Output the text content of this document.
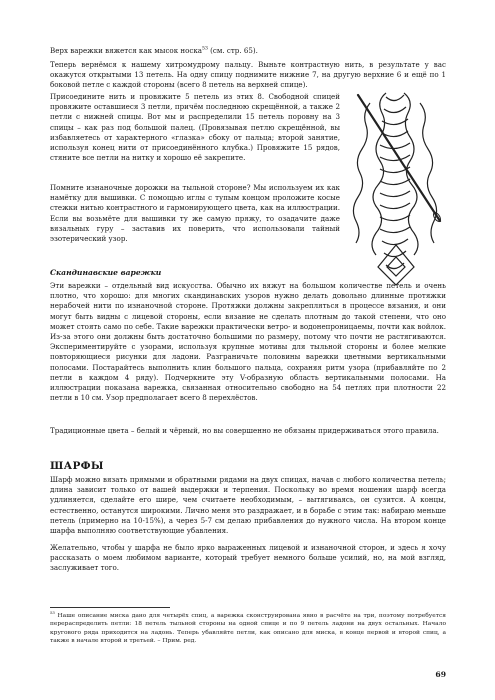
Верх варежки вяжется как мысок носка$^{53}$ (см. стр. 65).

Теперь вернёмся к нашему хитромудрому пальцу. Выньте контрастную нить, в результате у вас окажутся открытыми 13 петель. На одну спицу поднимите нижние 7, на другую верхние 6 и ещё по 1 боковой петле с каждой стороны (всего 8 петель на верхней спице).

Присоедините нить и провяжите 5 петель из этих 8. Свободной спицей провяжите оставшиеся 3 петли, причём последнюю скрещённой, а также 2 петли с нижней спицы. Вот мы и распределили 15 петель поровну на 3 спицы – как раз под большой палец. (Провязывая петлю скрещённой, вы избавляетесь от характерного «глазка» сбоку от пальца; второй занятие, используя конец нити от присоединённого клубка.) Провяжите 15 рядов, стяните все петли на нитку и хорошо её закрепите.

Помните изнаночные дорожки на тыльной стороне? Мы используем их как намётку для вышивки. С помощью иглы с тупым концом проложите косые стежки нитью контрастного и гармонирующего цвета, как на иллюстрации. Если вы возьмёте для вышивки ту же самую пряжу, то озадачите даже вязальных гуру – заставив их поверить, что использовали тайный эзотерический узор.

Скандинавские варежки

Эти варежки – отдельный вид искусства. Обычно их вяжут на большом количестве петель и очень плотно, что хорошо: для многих скандинавских узоров нужно делать довольно длинные протяжки нерабочей нити по изнаночной стороне. Протяжки должны закрепляться в процессе вязания, и они могут быть видны с лицевой стороны, если вязание не сделать плотным до такой степени, что оно может стоять само по себе. Такие варежки практически ветро- и водонепроницаемы, почти как войлок. Из-за этого они должны быть достаточно большими по размеру, потому что почти не растягиваются. Экспериментируйте с узорами, используя крупные мотивы для тыльной стороны и более мелкие повторяющиеся рисунки для ладони. Разграничьте половины варежки цветными вертикальными полосами. Постарайтесь выполнить клин большого пальца, сохраняя ритм узора (прибавляйте по 2 петли в каждом 4 ряду). Подчеркните эту V-образную область вертикальными полосами. На иллюстрации показана варежка, связанная относительно свободно на 54 петлях при плотности 22 петли в 10 см. Узор предполагает всего 8 перехлёстов.

Традиционные цвета – белый и чёрный, но вы совершенно не обязаны придерживаться этого правила.

ШАРФЫ

Шарф можно вязать прямыми и обратными рядами на двух спицах, начав с любого количества петель; длина зависит только от вашей выдержки и терпения. Поскольку во время ношения шарф всегда удлиняется, сделайте его шире, чем считаете необходимым, – вытягиваясь, он сузится. А концы, естественно, останутся широкими. Лично меня это раздражает, и в борьбе с этим так: набираю меньше петель (примерно на 10-15%), а через 5-7 см делаю прибавления до нужного числа. На втором конце шарфа выполняю соответствующие убавления.

Желательно, чтобы у шарфа не было ярко выраженных лицевой и изнаночной сторон, и здесь я хочу рассказать о моем любимом варианте, который требует немного больше усилий, но, на мой взгляд, заслуживает того.

$^{53}$ Наше описание миска дано для четырёх спиц, а варежка сконструирована явно в расчёте на три, поэтому потребуется перераспределить петли: 18 петель тыльной стороны на одной спице и по 9 петель ладони на двух остальных. Начало кругового ряда приходится на ладонь. Теперь убавляйте петли, как описано для миска, в конце первой и второй спиц, а также в начале второй и третьей. – Прим. ред.

69
